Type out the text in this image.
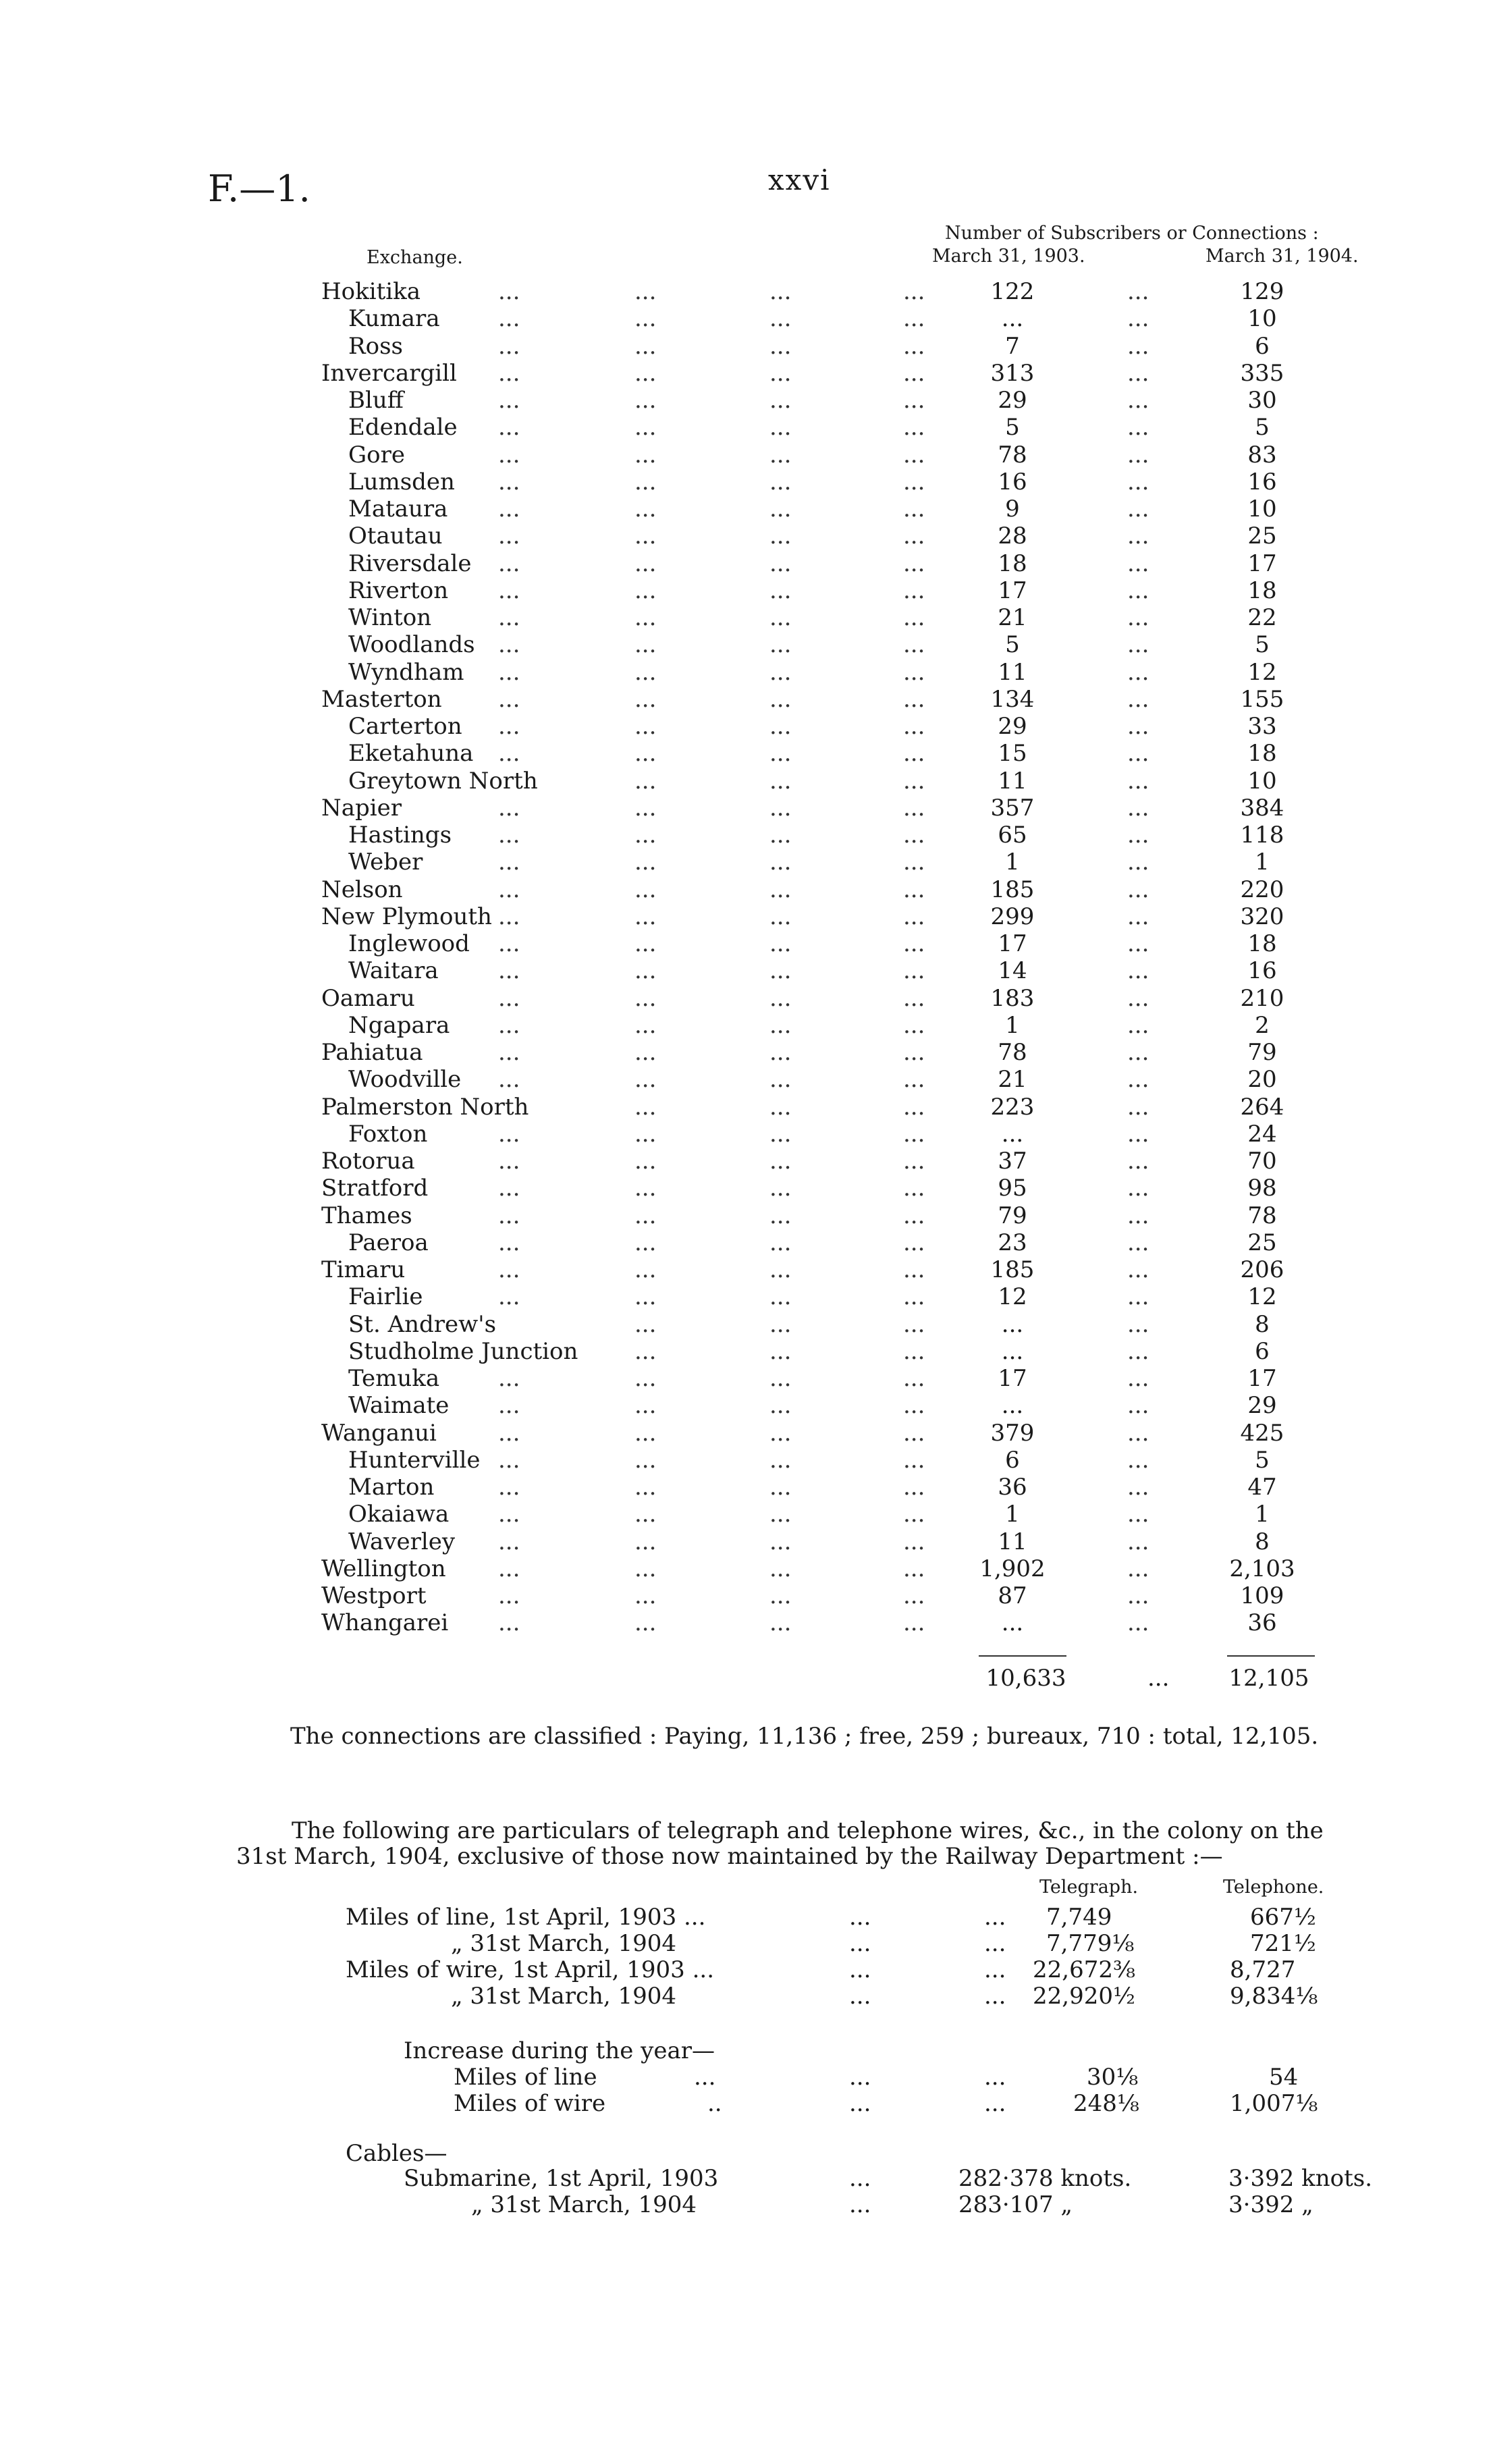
F.—1.	xxvi
Number of Subscribers or Connections :
Exchange.	March 31, 1903.	March 31, 1904.
Hokitika	...	...	...	...	122	...	129
Kumara	...	...	...	...	...	...	10
Ross	...	...	...	...	7	...	6
Invercargill ...	...	...	...	313	...	335
Bluff	...	...	...	...	29	...	30
Edendale ...	...	...	...	5	...	5
Gore	...	...	...	...	78	...	83
Lumsden ...	...	...	...	16	...	16
Mataura ...	...	...	...	9	...	10
Otautau ...	...	...	...	28	...	25
Riversdale ...	...	...	...	18	...	17
Riverton ...	...	...	...	17	...	18
Winton	...	...	...	...	21	...	22
Woodlands ...	...	...	...	5	...	5
Wyndham ...	...	...	...	11	...	12
Masterton ...	...	...	...	134	...	155
Carterton ...	...	...	...	29	...	33
Eketahuna ...	...	...	...	15	...	18
Greytown North	...	...	...	11	...	10
Napier	...	...	...	...	357	...	384
Hastings ...	...	...	...	65	...	118
Weber	...	...	...	...	1	...	1
Nelson	...	...	...	...	185	...	220
New Plymouth ...	...	...	...	299	...	320
Inglewood ...	...	...	...	17	...	18
Waitara	...	...	...	...	14	...	16
Oamaru	...	...	...	...	183	...	210
Ngapara ...	...	...	...	1	...	2
Pahiatua	...	...	...	...	78	...	79
Woodville ...	...	...	...	21	...	20
Palmerston North	...	...	...	223	...	264
Foxton	...	...	...	...	...	...	24
Rotorua	...	...	...	...	37	...	70
Stratford	...	...	...	...	95	...	98
Thames	...	...	...	...	79	...	78
Paeroa	...	...	...	...	23	...	25
Timaru	...	...	...	...	185	...	206
Fairlie	...	...	...	...	12	...	12
St. Andrew's	...	...	...	...	...	8
Studholme Junction ...	...	...	...	...	6
Temuka	...	...	...	...	17	...	17
Waimate ...	...	...	...	...	...	29
Wanganui	...	...	...	...	379	...	425
Hunterville ...	...	...	...	6	...	5
Marton	...	...	...	...	36	...	47
Okaiawa ...	...	...	...	1	...	1
Waverley ...	...	...	...	11	...	8
Wellington ...	...	...	...	1,902	...	2,103
Westport	...	...	...	...	87	...	109
Whangarei ...	...	...	...	...	...	36
10,633	...	12,105
The connections are classified : Paying, 11,136 ; free, 259 ; bureaux, 710 : total, 12,105.
The following are particulars of telegraph and telephone wires, &c., in the colony on the
31st March, 1904, exclusive of those now maintained by the Railway Department :—
Telegraph.	Telephone.
Miles of line, 1st April, 1903 ...	...	... 7,749	667½
„ 31st March, 1904	...	... 7,779⅛	721½
Miles of wire, 1st April, 1903 ...	...	... 22,672⅜	8,727
„ 31st March, 1904	...	... 22,920½	9,834⅛
Increase during the year—
Miles of line	...	...	...	30⅛	54
Miles of wire	..	...	...	248⅛	1,007⅛
Cables—
Submarine, 1st April, 1903	...	282·378 knots.	3·392 knots.
„ 31st March, 1904	...	283·107 „	3·392 „
